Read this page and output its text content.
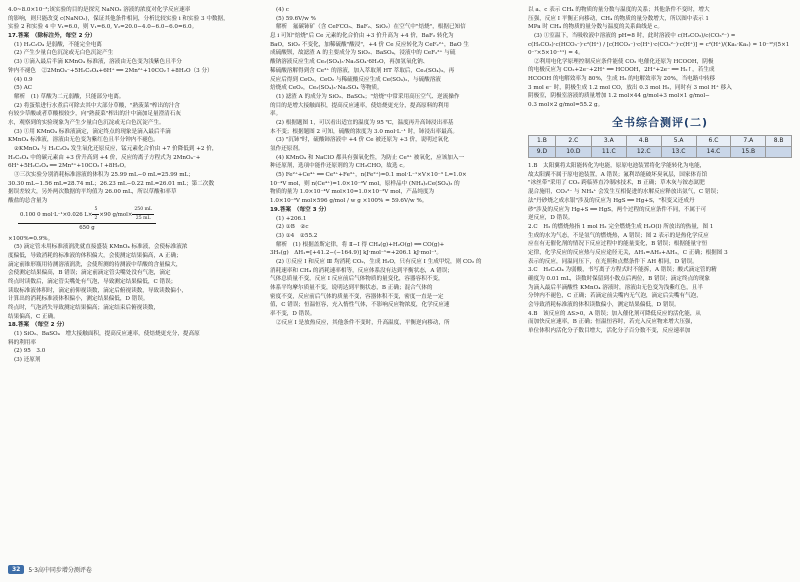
4.0~8.0×10⁻³;该实验的目的是探究 NaNO₂ 溶液的浓度对化学反应速率

的影响，则只能改变 c(NaNO₂)，保证其他条件相同，分析比较实验 i 和实验 3 中数据，

实验 2 和实验 4 中 V₁=6.0，则 V₁=6.0, V₂=20.0−4.0−6.0−6.0=6.0。

17.答案　（除标注外，每空 2 分）

(1) H₂C₂O₄ 是弱酸，不能完全电离

(2) 产生少量白色沉淀或无白色沉淀产生

(3) ①滴入最后半滴 KMnO₄ 标准液，溶液由无色变为浅紫色且半分

钟内不褪色　②2MnO₄⁻+5H₂C₂O₄+6H⁺ ══ 2Mn²⁺+10CO₂↑+8H₂O（3 分）

(4) 0.9

(5) AC

解析　(1) 草酸为二元弱酸，只能部分电离。

(2) 将蛋浆进行水煮后可除去其中大部分草酸，"熟菠菜"榨出的汁含

有较少草酸或者草酸根较少，向"熟菠菜"榨出的汁中滴加足量澄清石灰

水，观察到的实验现象为产生少量白色沉淀或无白色沉淀产生。

(3) ①用 KMnO₄ 标准液滴定，滴定终点的现象是滴入最后半滴

KMnO₄ 标准液，溶液由无色变为紫红色且半分钟内不褪色。

②KMnO₄ 与 H₂C₂O₄ 发生氧化还原反应，锰元素化合价由 +7 价降低到 +2 价，

H₂C₂O₄ 中的碳元素由 +3 价升高到 +4 价，反应的离子方程式为 2MnO₄⁻+

6H⁺+5H₂C₂O₄ ══ 2Mn²⁺+10CO₂↑+8H₂O。

③三次实验分别消耗标准溶液的体积为 25.99 mL−0 mL=25.99 mL；

30.30 mL−1.56 mL=28.74 mL；26.23 mL−0.22 mL=26.01 mL；第二次数

据误差较大，另外两次数据的平均值为 26.00 mL，所以草酸和率草

酸盐的总含量为

$\frac{0.100 0 mol\cdot L^{-1}\times 0.026 L\times \frac{5}{2} \times 90 g/mol\times \frac{250 mL}{25 mL}}{650 g}$

×100%=0.9%。

(5) 滴定管未用标准液润洗就直接盛装 KMnO₄ 标准液，会使标准液浓

度偏低，导致消耗的标准液的体积偏大，会使测定结果偏高，A 正确；

滴定前锥形瓶用待测溶液润洗，会使所测的待测液中草酸的含量偏大，

会使测定结果偏高，B 错误；滴定前滴定管尖嘴处没有气泡，滴定

终点时读数后，滴定管尖嘴处有气泡，导致测定结果偏低，C 错误；

读取标准液体积时，滴定前仰视读数，滴定后俯视读数，导致读数偏小，

计算出的消耗标准液体积偏小，测定结果偏低，D 错误。

终点时，气泡消失导致测定结果偏高；滴定结束后俯视读数，

结果偏高，C 正确。

18.答案　（每空 2 分）

(1) SiO₂、BaSO₄　增大接触面积，提高反应速率，使焙烧更充分，提高原

料的利用率

(2) 95　3.0

(3) 还原剂

(4) c

(5) 59.6V/w %

解析　氟碳铈矿（含 CeFCO₃、BaF₂、SiO₂）在空气中"焙烧"，根据已知信

息 i 可知"焙烧"后 Ce 元素的化合价由 +3 价升高为 +4 价，BaF₂ 转化为

BaO，SiO₂ 不变化，加稀硫酸"酸浸"，+4 价 Ce 反应转化为 CeF₂²⁺，BaO 生

成硫酸钡，故滤渣 A 的主要成分为 SiO₂、BaSO₄，浸液中的 CeF₂²⁺ 与硫

酸钠溶液反应生成 Ce₂(SO₄)₃·Na₂SO₄·6H₂O，再加氢氧化钠、

稀硫酸溶解得到含 Ce³⁺ 的溶液，加入萃取剂 HT 萃取后，Ce₂(SO₄)₃，再

反应后得到 CeO₂，CeO₂ 与稀硫酸反应生成 Ce(SO₄)₂，与硫酸溶液

焙烧成 CeO₂，Ce₂(SO₄)₃·Na₂SO₄ 等物质。

(1) 滤渣 A 的成分为 SiO₂、BaSO₄；"焙烧"中常采用高压空气、逆流操作

的目的是增大接触面积，提高反应速率，使焙烧更充分，提高原料的利用

率。

(2) 根据题图 1，可以看出适宜的温度为 95 ℃，温度再升高铈浸出率基

本不变；根据题图 2 可知，硫酸的浓度为 3.0 mol·L⁻¹ 时，铈浸出率最高。

(3) "沉铈"时，硫酸铈溶液中 +4 价 Ce 被还原为 +3 价，说明过氧化

氢作还原剂。

(4) KMnO₄ 和 NaClO 都具有强氧化性，为防止 Ce³⁺ 被氧化，应该加入一

种还原剂，选项中能作还原剂的为 CH₃CHO，故选 c。

(5) Fe²⁺+Ce⁴⁺ ══ Ce³⁺+Fe³⁺，n(Fe²⁺)=0.1 mol·L⁻¹×V×10⁻³ L=1.0×

10⁻⁴V mol，则 n(Ce⁴⁺)=1.0×10⁻⁴V mol，原样品中 (NH₄)₂Ce(SO₄)₃ 的

物质的量为 1.0×10⁻⁴V mol×10=1.0×10⁻³V mol，产品纯度为

1.0×10⁻³V mol×596 g/mol / w g ×100% = 59.6V/w %。

19.答案　（每空 3 分）

(1) +206.1

(2) ①B　②c

(3) ①4　②55.2

解析　(1) 根据盖斯定律，将 Ⅱ−Ⅰ 得 CH₄(g)+H₂O(g) ══ CO(g)+

3H₂(g)　ΔH₁=[+41.2−(−164.9)] kJ·mol⁻¹=+206.1 kJ·mol⁻¹。

(2) ①反应 Ⅰ 和反应 Ⅲ 均消耗 CO₂，生成 H₂O，只有反应 Ⅰ 生成甲烷，则 CO₂ 的

消耗速率和 CH₄ 的消耗速率相等，反应体系没有达到平衡状态，A 错误；

气体总质量不变，反应 Ⅰ 反应前后气体物质的量变化，容器容积不变，

体系平均摩尔质量不变，说明达到平衡状态，B 正确；混合气体的

密度不变，反应前后气体的质量不变，容器体积不变，密度一直是一定

值，C 错误；恒温恒容，充入惰性气体，不影响反应物浓度，化学反应速

率不变，D 错误。

②反应 Ⅰ 是放热反应，其他条件不变时，升高温度，平衡逆向移动，所

以 a、c 表示 CH₄ 的物质的量分数与温度的关系；其他条件不变时，增大

压强，反应 Ⅰ 平衡正向移动，CH₄ 的物质的量分数增大，所以图中表示 1

MPa 时 CH₄ 的物质的量分数与温度的关系曲线是 c。

(3) ①室温下，当吸收液中溶液的 pH=8 时，此时溶液中 c(H₂CO₃)/c(CO₃²⁻) =

c(H₂CO₃)·c(HCO₃⁻)·c²(H⁺) / [c(HCO₃⁻)·c(H⁺)·c(CO₃²⁻)·c(H⁺)] = c²(H⁺)/(Ka₁·Ka₂) = 10⁻¹⁶/(5×10⁻⁷×5×10⁻¹¹) = 4。

②利用电化学原理控制反应条件能使 CO₂ 电催化还原为 HCOOH，阴极

的电极反应为 CO₂+2e⁻+2H⁺ ══ HCOOH，2H⁺+2e⁻ ══ H₂↑，若生成

HCOOH 的电解效率为 80%，生成 H₂ 的电解效率为 20%，当电路中转移

3 mol e⁻ 时，阴极生成 1.2 mol CO，放出 0.3 mol H₂，同时有 3 mol H⁺ 移入

阴极室，阴极室溶液的质量增加 1.2 mol×44 g/mol+3 mol×1 g/mol−

0.3 mol×2 g/mol=55.2 g。

全书综合测评(二)
1.B	2.C	3.A	4.B	5.A	6.C	7.A	8.B
9.D	10.D	11.C	12.C	13.C	14.C	15.B	

1.B　太阳翼将太阳能转化为电能，原原电池装置将化学能转化为电能，

故太阳翼不属于原电池装置，A 错误；氟利昂能破坏臭氧层，国家体育馆

"冰丝带"采用了 CO₂ 跨临界直冷制冰技术，B 正确；草木灰与铵态氮肥

混合施用，CO₃²⁻ 与 NH₄⁺ 会发生互相促进的水解反应释放出氨气，C 错误；

法"丹砂烧之成水银"涉及的反应为 HgS ══ Hg+S，"积变又还成丹

砂"涉及的反应为 Hg+S ══ HgS，两个过程的反应条件不同，不属于可

逆反应，D 错误。

2.C　H₂ 的燃烧热指 1 mol H₂ 完全燃烧生成 H₂O(l) 所放出的热量，图 1

生成的水为气态，不是氢气的燃烧热，A 错误；图 2 表示的是热化学反应

应在有无催化剂的情况下反应过程中的能量变化，B 错误；根据能量守恒

定律，化学反应的反应热与反应途径无关，ΔH₁=ΔH₂+ΔH₃，C 正确；根据图 3

表示的反应，同温同压下，在光照和点燃条件下 ΔH 相同，D 错误。

3.C　H₂C₂O₄ 为弱酸，书写离子方程式时不能拆，A 错误；酸式滴定管的精

确度为 0.01 mL，读数时保留到小数点后两位，B 错误；滴定终点的现象

为滴入最后半滴酸性 KMnO₄ 溶液时，溶液由无色变为浅紫红色，且半

分钟内不褪色，C 正确；若滴定前尖嘴内无气泡，滴定后尖嘴有气泡，

会导致消耗标准液的体积读数偏小，测定结果偏低，D 错误。

4.B　该反应的 ΔS>0，A 错误；加入催化剂可降低反应的活化能，从

而加快反应速率，B 正确；恒温恒容时，若充入反应物来增大压强，

单位体积内活化分子数目增大，活化分子百分数不变，反应速率加

32	5·3高中同步增分测评卷
